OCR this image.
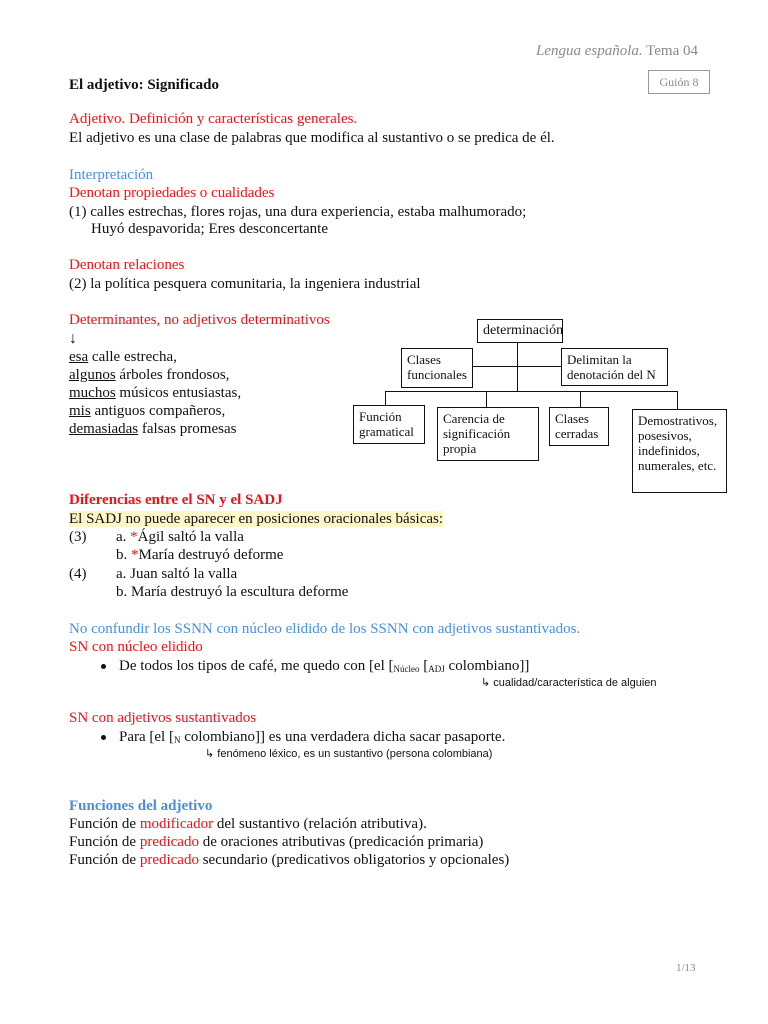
Lengua española. Tema 04
Guión 8
El adjetivo: Significado
Adjetivo. Definición y características generales.
El adjetivo es una clase de palabras que modifica al sustantivo o se predica de él.
Interpretación
Denotan propiedades o cualidades
(1) calles estrechas, flores rojas, una dura experiencia, estaba malhumorado;
Huyó despavorida; Eres desconcertante
Denotan relaciones
(2) la política pesquera comunitaria, la ingeniera industrial
Determinantes, no adjetivos determinativos
↓
esa calle estrecha,
algunos árboles frondosos,
muchos músicos entusiastas,
mis antiguos compañeros,
demasiadas falsas promesas
determinación
Clases funcionales
Delimitan la denotación del N
Función gramatical
Carencia de significación propia
Clases cerradas
Demostrativos, posesivos, indefinidos, numerales, etc.
Diferencias entre el SN y el SADJ
El SADJ no puede aparecer en posiciones oracionales básicas:
(3) a. *Ágil saltó la valla
b. *María destruyó deforme
(4) a. Juan saltó la valla
b. María destruyó la escultura deforme
No confundir los SSNN con núcleo elidido de los SSNN con adjetivos sustantivados.
SN con núcleo elidido
De todos los tipos de café, me quedo con [el [$_{Núcleo}$ [$_{ADJ}$ colombiano]]
↳ cualidad/característica de alguien
SN con adjetivos sustantivados
Para [el [$_N$ colombiano]] es una verdadera dicha sacar pasaporte.
↳ fenómeno léxico, es un sustantivo (persona colombiana)
Funciones del adjetivo
Función de modificador del sustantivo (relación atributiva).
Función de predicado de oraciones atributivas (predicación primaria)
Función de predicado secundario (predicativos obligatorios y opcionales)
1/13
